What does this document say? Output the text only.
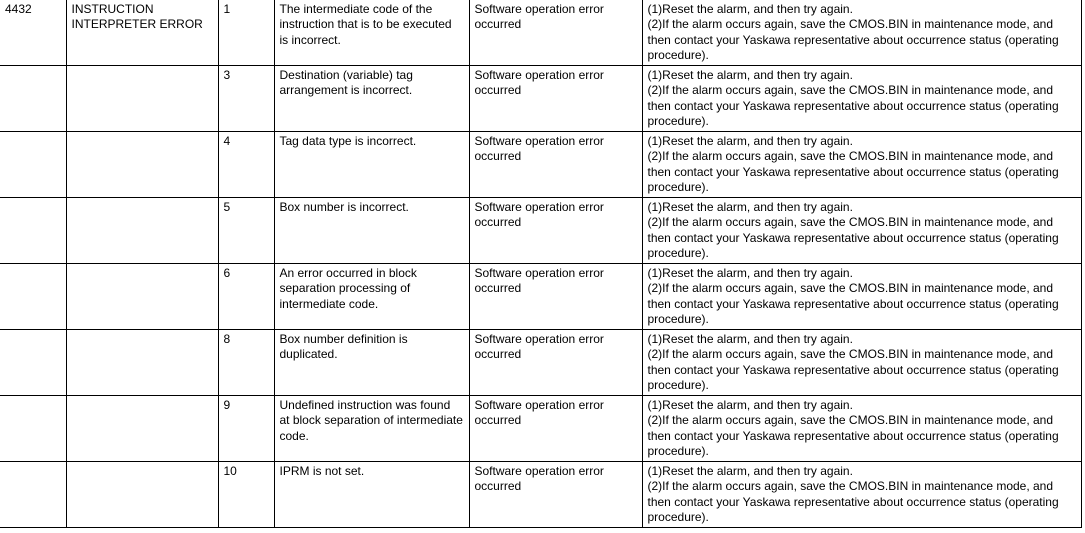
4432	INSTRUCTION INTERPRETER ERROR	1	The intermediate code of the instruction that is to be executed is incorrect.	Software operation error occurred	(1)Reset the alarm, and then try again.
(2)If the alarm occurs again, save the CMOS.BIN in maintenance mode, and then contact your Yaskawa representative about occurrence status (operating procedure).

		3	Destination (variable) tag arrangement is incorrect.	Software operation error occurred	(1)Reset the alarm, and then try again.
(2)If the alarm occurs again, save the CMOS.BIN in maintenance mode, and then contact your Yaskawa representative about occurrence status (operating procedure).

		4	Tag data type is incorrect.	Software operation error occurred	(1)Reset the alarm, and then try again.
(2)If the alarm occurs again, save the CMOS.BIN in maintenance mode, and then contact your Yaskawa representative about occurrence status (operating procedure).

		5	Box number is incorrect.	Software operation error occurred	(1)Reset the alarm, and then try again.
(2)If the alarm occurs again, save the CMOS.BIN in maintenance mode, and then contact your Yaskawa representative about occurrence status (operating procedure).

		6	An error occurred in block separation processing of intermediate code.	Software operation error occurred	(1)Reset the alarm, and then try again.
(2)If the alarm occurs again, save the CMOS.BIN in maintenance mode, and then contact your Yaskawa representative about occurrence status (operating procedure).

		8	Box number definition is duplicated.	Software operation error occurred	(1)Reset the alarm, and then try again.
(2)If the alarm occurs again, save the CMOS.BIN in maintenance mode, and then contact your Yaskawa representative about occurrence status (operating procedure).

		9	Undefined instruction was found at block separation of intermediate code.	Software operation error occurred	(1)Reset the alarm, and then try again.
(2)If the alarm occurs again, save the CMOS.BIN in maintenance mode, and then contact your Yaskawa representative about occurrence status (operating procedure).

		10	IPRM is not set.	Software operation error occurred	(1)Reset the alarm, and then try again.
(2)If the alarm occurs again, save the CMOS.BIN in maintenance mode, and then contact your Yaskawa representative about occurrence status (operating procedure).
